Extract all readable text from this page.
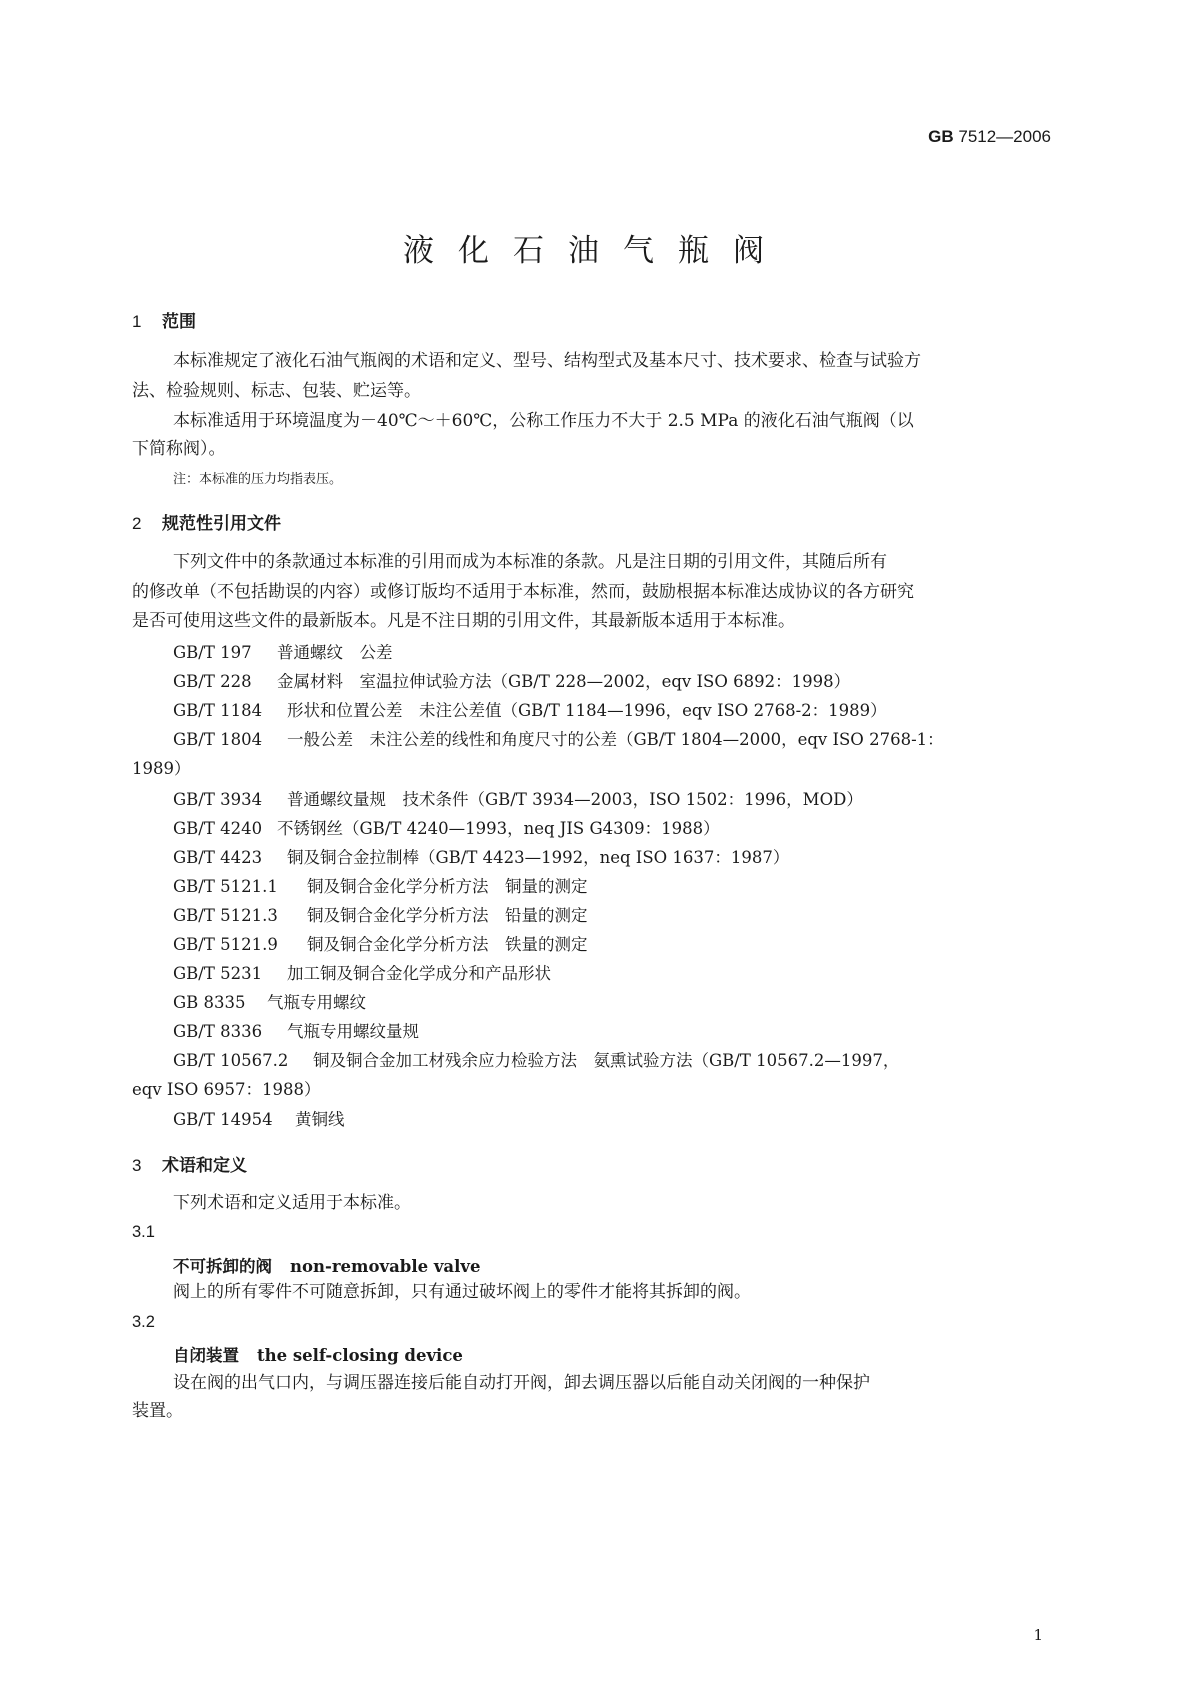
GB 7512—2006
液化石油气瓶阀
1 范围
本标准规定了液化石油气瓶阀的术语和定义、型号、结构型式及基本尺寸、技术要求、检查与试验方
法、检验规则、标志、包装、贮运等。
本标准适用于环境温度为－40℃～＋60℃，公称工作压力不大于 2.5 MPa 的液化石油气瓶阀（以
下简称阀）。
注：本标准的压力均指表压。
2 规范性引用文件
下列文件中的条款通过本标准的引用而成为本标准的条款。凡是注日期的引用文件，其随后所有
的修改单（不包括勘误的内容）或修订版均不适用于本标准，然而，鼓励根据本标准达成协议的各方研究
是否可使用这些文件的最新版本。凡是不注日期的引用文件，其最新版本适用于本标准。
GB/T 197 普通螺纹　公差
GB/T 228 金属材料　室温拉伸试验方法（GB/T 228—2002，eqv ISO 6892：1998）
GB/T 1184 形状和位置公差　未注公差值（GB/T 1184—1996，eqv ISO 2768-2：1989）
GB/T 1804 一般公差　未注公差的线性和角度尺寸的公差（GB/T 1804—2000，eqv ISO 2768-1：
1989）
GB/T 3934 普通螺纹量规　技术条件（GB/T 3934—2003，ISO 1502：1996，MOD）
GB/T 4240 不锈钢丝（GB/T 4240—1993，neq JIS G4309：1988）
GB/T 4423 铜及铜合金拉制棒（GB/T 4423—1992，neq ISO 1637：1987）
GB/T 5121.1 铜及铜合金化学分析方法　铜量的测定
GB/T 5121.3 铜及铜合金化学分析方法　铅量的测定
GB/T 5121.9 铜及铜合金化学分析方法　铁量的测定
GB/T 5231 加工铜及铜合金化学成分和产品形状
GB 8335 气瓶专用螺纹
GB/T 8336 气瓶专用螺纹量规
GB/T 10567.2 铜及铜合金加工材残余应力检验方法　氨熏试验方法（GB/T 10567.2—1997，
eqv ISO 6957：1988）
GB/T 14954 黄铜线
3 术语和定义
下列术语和定义适用于本标准。
3.1
不可拆卸的阀 non-removable valve
阀上的所有零件不可随意拆卸，只有通过破坏阀上的零件才能将其拆卸的阀。
3.2
自闭装置 the self-closing device
设在阀的出气口内，与调压器连接后能自动打开阀，卸去调压器以后能自动关闭阀的一种保护
装置。
1
